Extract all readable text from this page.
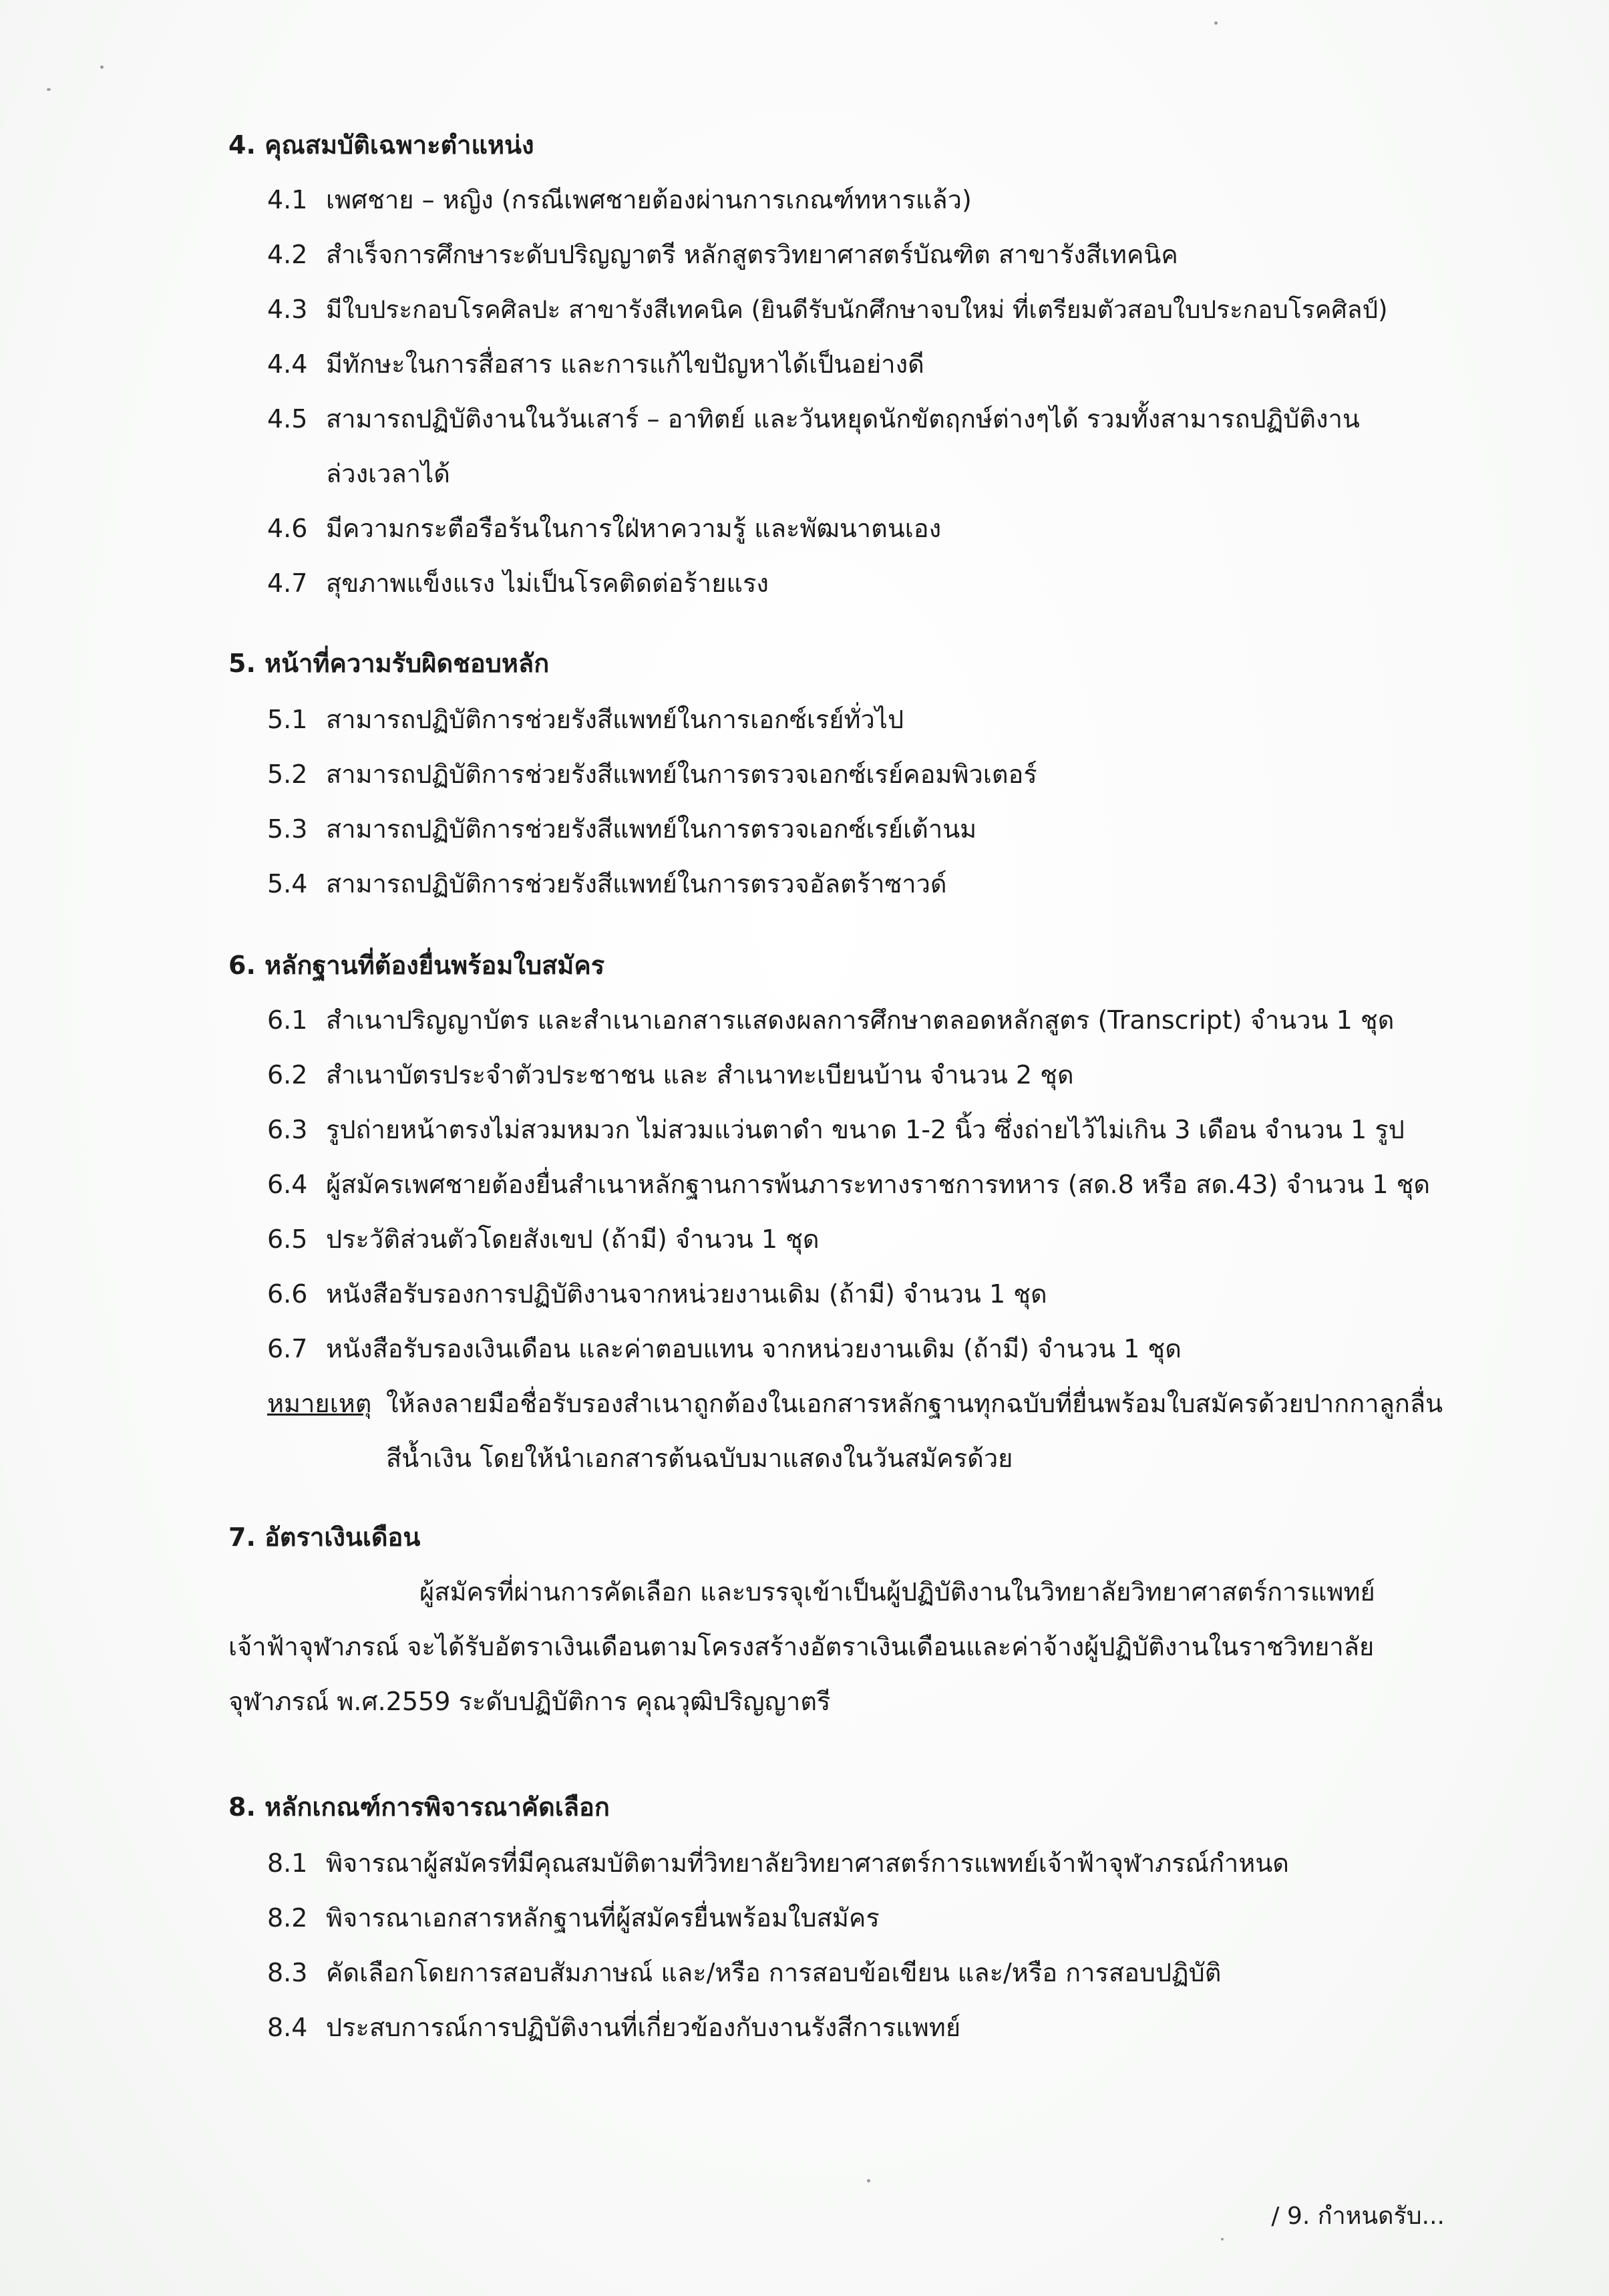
4. คุณสมบัติเฉพาะตำแหน่ง
4.1 เพศชาย – หญิง (กรณีเพศชายต้องผ่านการเกณฑ์ทหารแล้ว)
4.2 สำเร็จการศึกษาระดับปริญญาตรี หลักสูตรวิทยาศาสตร์บัณฑิต สาขารังสีเทคนิค
4.3 มีใบประกอบโรคศิลปะ สาขารังสีเทคนิค (ยินดีรับนักศึกษาจบใหม่ ที่เตรียมตัวสอบใบประกอบโรคศิลป์)
4.4 มีทักษะในการสื่อสาร และการแก้ไขปัญหาได้เป็นอย่างดี
4.5 สามารถปฏิบัติงานในวันเสาร์ – อาทิตย์ และวันหยุดนักขัตฤกษ์ต่างๆได้ รวมทั้งสามารถปฏิบัติงาน
ล่วงเวลาได้
4.6 มีความกระตือรือร้นในการใฝ่หาความรู้ และพัฒนาตนเอง
4.7 สุขภาพแข็งแรง ไม่เป็นโรคติดต่อร้ายแรง
5. หน้าที่ความรับผิดชอบหลัก
5.1 สามารถปฏิบัติการช่วยรังสีแพทย์ในการเอกซ์เรย์ทั่วไป
5.2 สามารถปฏิบัติการช่วยรังสีแพทย์ในการตรวจเอกซ์เรย์คอมพิวเตอร์
5.3 สามารถปฏิบัติการช่วยรังสีแพทย์ในการตรวจเอกซ์เรย์เต้านม
5.4 สามารถปฏิบัติการช่วยรังสีแพทย์ในการตรวจอัลตร้าซาวด์
6. หลักฐานที่ต้องยื่นพร้อมใบสมัคร
6.1 สำเนาปริญญาบัตร และสำเนาเอกสารแสดงผลการศึกษาตลอดหลักสูตร (Transcript) จำนวน 1 ชุด
6.2 สำเนาบัตรประจำตัวประชาชน และ สำเนาทะเบียนบ้าน จำนวน 2 ชุด
6.3 รูปถ่ายหน้าตรงไม่สวมหมวก ไม่สวมแว่นตาดำ ขนาด 1-2 นิ้ว ซึ่งถ่ายไว้ไม่เกิน 3 เดือน จำนวน 1 รูป
6.4 ผู้สมัครเพศชายต้องยื่นสำเนาหลักฐานการพ้นภาระทางราชการทหาร (สด.8 หรือ สด.43) จำนวน 1 ชุด
6.5 ประวัติส่วนตัวโดยสังเขป (ถ้ามี) จำนวน 1 ชุด
6.6 หนังสือรับรองการปฏิบัติงานจากหน่วยงานเดิม (ถ้ามี) จำนวน 1 ชุด
6.7 หนังสือรับรองเงินเดือน และค่าตอบแทน จากหน่วยงานเดิม (ถ้ามี) จำนวน 1 ชุด
หมายเหตุ ให้ลงลายมือชื่อรับรองสำเนาถูกต้องในเอกสารหลักฐานทุกฉบับที่ยื่นพร้อมใบสมัครด้วยปากกาลูกลื่น
สีน้ำเงิน โดยให้นำเอกสารต้นฉบับมาแสดงในวันสมัครด้วย
7. อัตราเงินเดือน
ผู้สมัครที่ผ่านการคัดเลือก และบรรจุเข้าเป็นผู้ปฏิบัติงานในวิทยาลัยวิทยาศาสตร์การแพทย์
เจ้าฟ้าจุฬาภรณ์ จะได้รับอัตราเงินเดือนตามโครงสร้างอัตราเงินเดือนและค่าจ้างผู้ปฏิบัติงานในราชวิทยาลัย
จุฬาภรณ์ พ.ศ.2559 ระดับปฏิบัติการ คุณวุฒิปริญญาตรี
8. หลักเกณฑ์การพิจารณาคัดเลือก
8.1 พิจารณาผู้สมัครที่มีคุณสมบัติตามที่วิทยาลัยวิทยาศาสตร์การแพทย์เจ้าฟ้าจุฬาภรณ์กำหนด
8.2 พิจารณาเอกสารหลักฐานที่ผู้สมัครยื่นพร้อมใบสมัคร
8.3 คัดเลือกโดยการสอบสัมภาษณ์ และ/หรือ การสอบข้อเขียน และ/หรือ การสอบปฏิบัติ
8.4 ประสบการณ์การปฏิบัติงานที่เกี่ยวข้องกับงานรังสีการแพทย์
/ 9. กำหนดรับ...
